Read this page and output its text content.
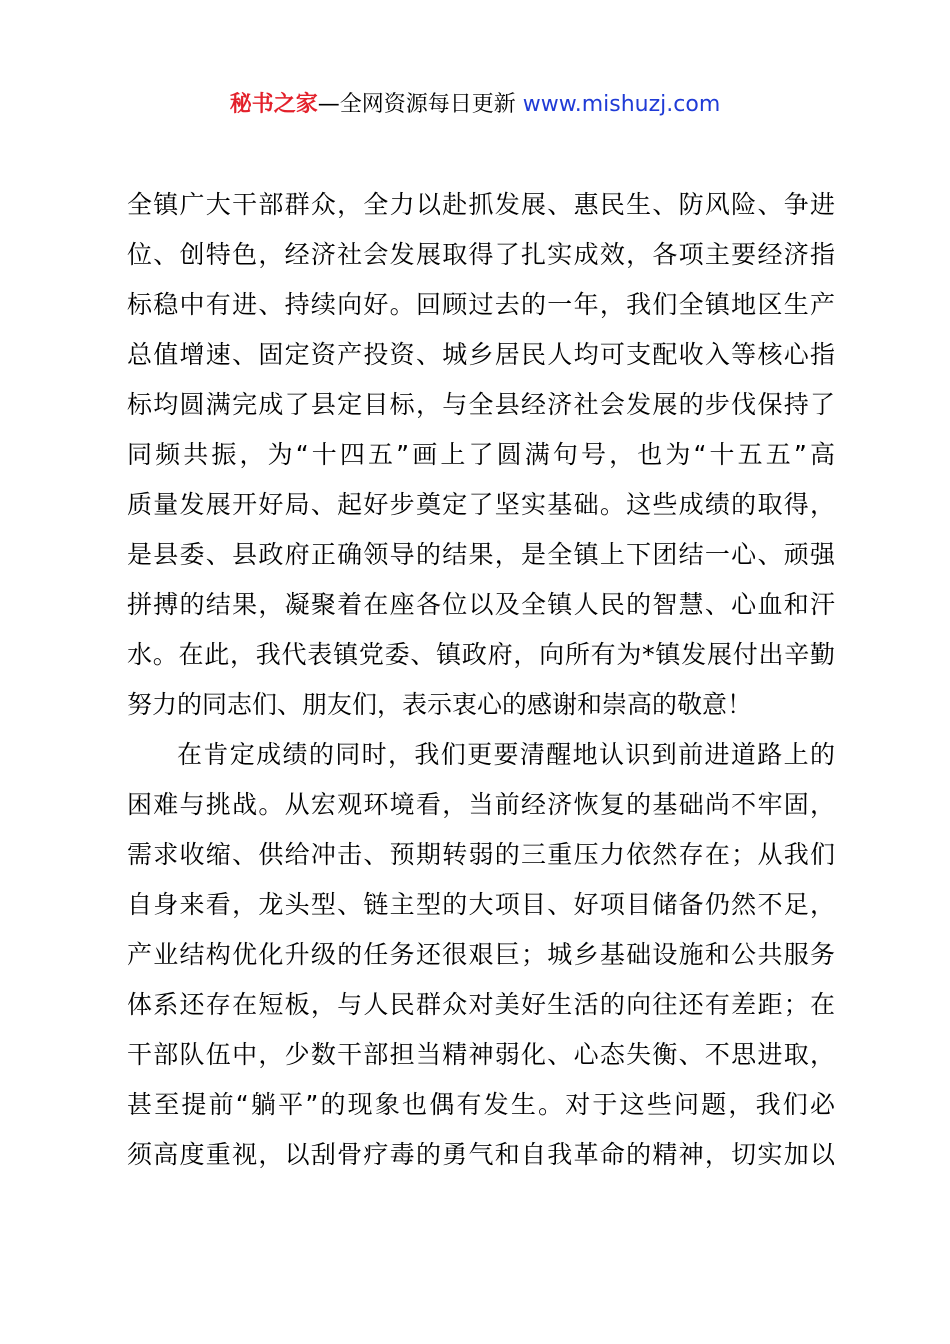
秘书之家—全网资源每日更新 www.mishuzj.com
全镇广大干部群众，全力以赴抓发展、惠民生、防风险、争进
位、创特色，经济社会发展取得了扎实成效，各项主要经济指
标稳中有进、持续向好。回顾过去的一年，我们全镇地区生产
总值增速、固定资产投资、城乡居民人均可支配收入等核心指
标均圆满完成了县定目标，与全县经济社会发展的步伐保持了
同频共振，为“十四五”画上了圆满句号，也为“十五五”高
质量发展开好局、起好步奠定了坚实基础。这些成绩的取得，
是县委、县政府正确领导的结果，是全镇上下团结一心、顽强
拼搏的结果，凝聚着在座各位以及全镇人民的智慧、心血和汗
水。在此，我代表镇党委、镇政府，向所有为*镇发展付出辛勤
努力的同志们、朋友们，表示衷心的感谢和崇高的敬意！
在肯定成绩的同时，我们更要清醒地认识到前进道路上的
困难与挑战。从宏观环境看，当前经济恢复的基础尚不牢固，
需求收缩、供给冲击、预期转弱的三重压力依然存在；从我们
自身来看，龙头型、链主型的大项目、好项目储备仍然不足，
产业结构优化升级的任务还很艰巨；城乡基础设施和公共服务
体系还存在短板，与人民群众对美好生活的向往还有差距；在
干部队伍中，少数干部担当精神弱化、心态失衡、不思进取，
甚至提前“躺平”的现象也偶有发生。对于这些问题，我们必
须高度重视，以刮骨疗毒的勇气和自我革命的精神，切实加以
